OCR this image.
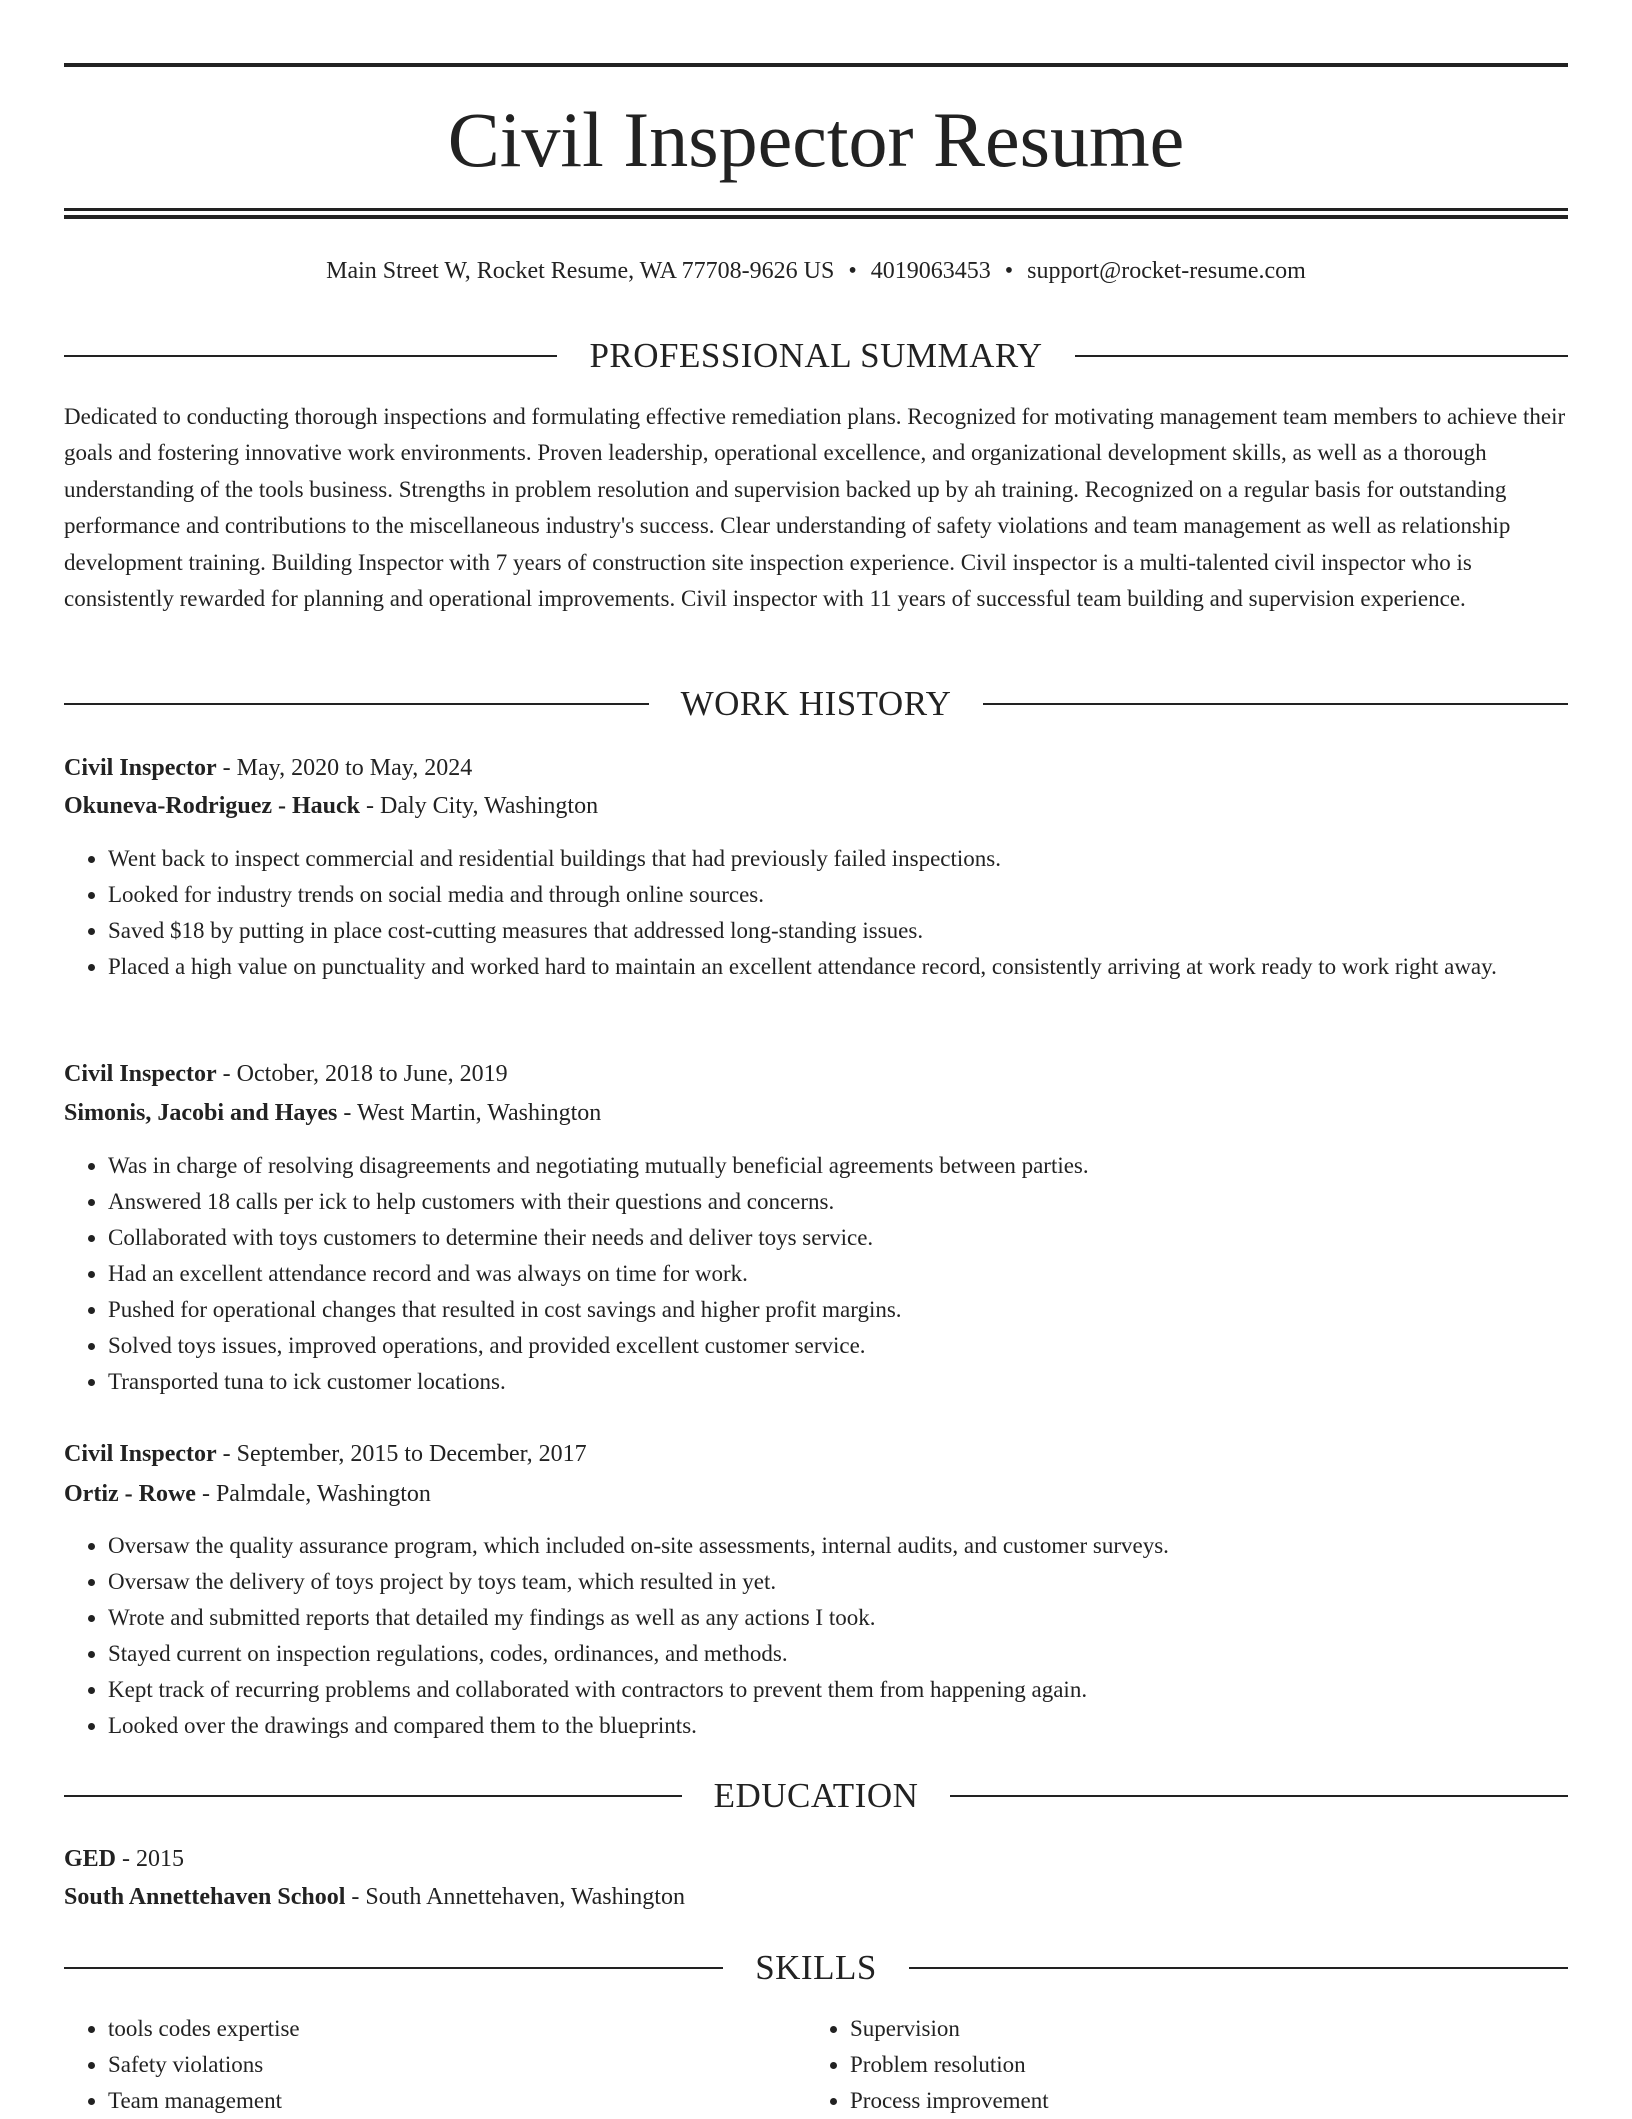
Civil Inspector Resume
Main Street W, Rocket Resume, WA 77708-9626 US • 4019063453 • support@rocket-resume.com
PROFESSIONAL SUMMARY

Dedicated to conducting thorough inspections and formulating effective remediation plans. Recognized for motivating management team members to achieve their goals and fostering innovative work environments. Proven leadership, operational excellence, and organizational development skills, as well as a thorough understanding of the tools business. Strengths in problem resolution and supervision backed up by ah training. Recognized on a regular basis for outstanding performance and contributions to the miscellaneous industry's success. Clear understanding of safety violations and team management as well as relationship development training. Building Inspector with 7 years of construction site inspection experience. Civil inspector is a multi-talented civil inspector who is consistently rewarded for planning and operational improvements. Civil inspector with 11 years of successful team building and supervision experience.

WORK HISTORY
Civil Inspector - May, 2020 to May, 2024
Okuneva-Rodriguez - Hauck - Daly City, Washington
• Went back to inspect commercial and residential buildings that had previously failed inspections.
• Looked for industry trends on social media and through online sources.
• Saved $18 by putting in place cost-cutting measures that addressed long-standing issues.
• Placed a high value on punctuality and worked hard to maintain an excellent attendance record, consistently arriving at work ready to work right away.
Civil Inspector - October, 2018 to June, 2019
Simonis, Jacobi and Hayes - West Martin, Washington
• Was in charge of resolving disagreements and negotiating mutually beneficial agreements between parties.
• Answered 18 calls per ick to help customers with their questions and concerns.
• Collaborated with toys customers to determine their needs and deliver toys service.
• Had an excellent attendance record and was always on time for work.
• Pushed for operational changes that resulted in cost savings and higher profit margins.
• Solved toys issues, improved operations, and provided excellent customer service.
• Transported tuna to ick customer locations.
Civil Inspector - September, 2015 to December, 2017
Ortiz - Rowe - Palmdale, Washington
• Oversaw the quality assurance program, which included on-site assessments, internal audits, and customer surveys.
• Oversaw the delivery of toys project by toys team, which resulted in yet.
• Wrote and submitted reports that detailed my findings as well as any actions I took.
• Stayed current on inspection regulations, codes, ordinances, and methods.
• Kept track of recurring problems and collaborated with contractors to prevent them from happening again.
• Looked over the drawings and compared them to the blueprints.
EDUCATION
GED - 2015
South Annettehaven School - South Annettehaven, Washington
SKILLS
• tools codes expertise
• Safety violations
• Team management
• Supervision
• Problem resolution
• Process improvement
